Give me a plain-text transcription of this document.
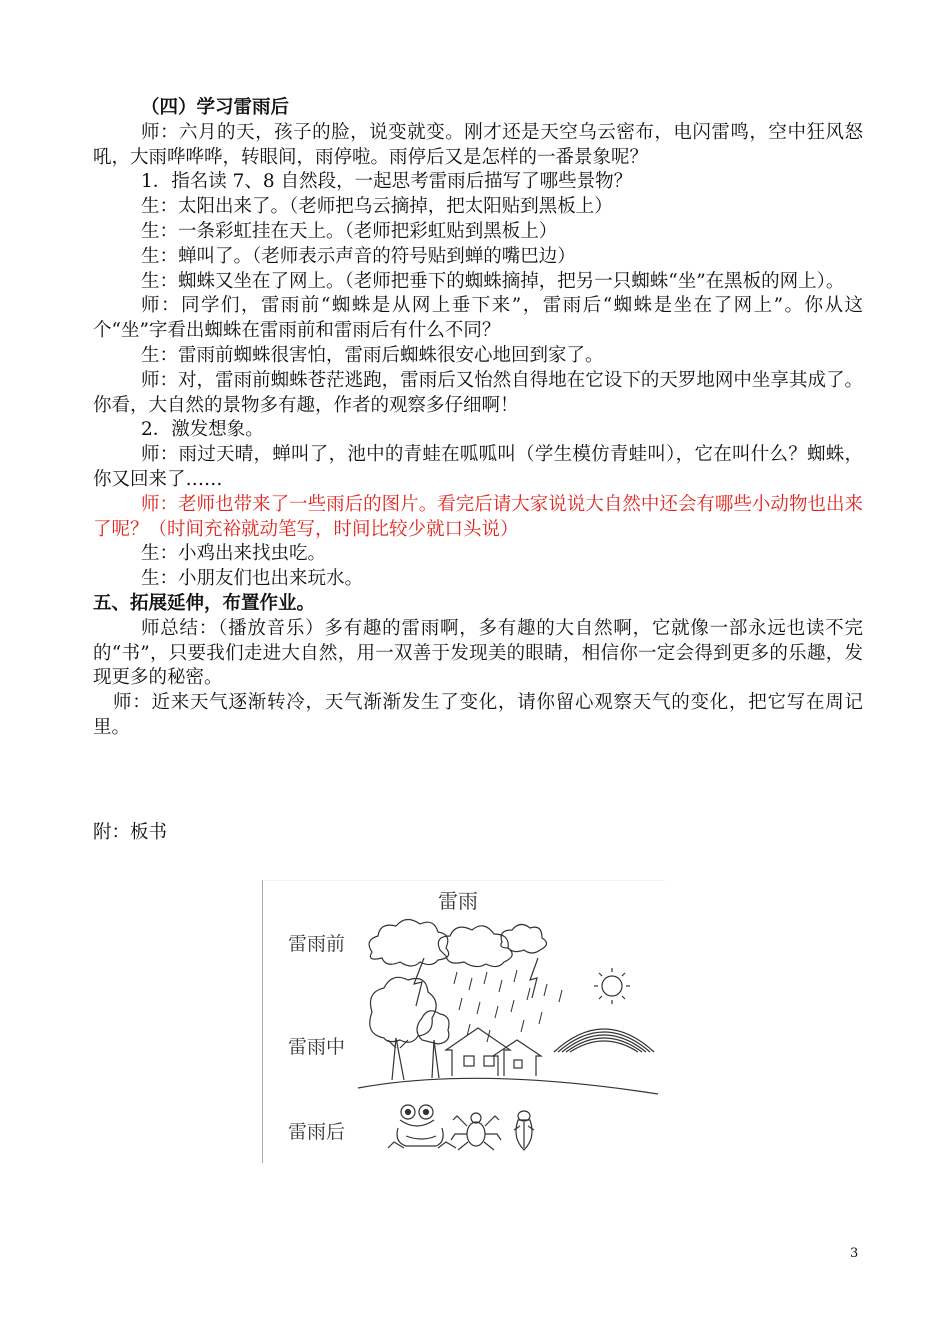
（四）学习雷雨后

师：六月的天，孩子的脸，说变就变。刚才还是天空乌云密布，电闪雷鸣，空中狂风怒吼，大雨哗哗哗，转眼间，雨停啦。雨停后又是怎样的一番景象呢？

1．指名读 7、8 自然段，一起思考雷雨后描写了哪些景物？

生：太阳出来了。（老师把乌云摘掉，把太阳贴到黑板上）

生：一条彩虹挂在天上。（老师把彩虹贴到黑板上）

生：蝉叫了。（老师表示声音的符号贴到蝉的嘴巴边）

生：蜘蛛又坐在了网上。（老师把垂下的蜘蛛摘掉，把另一只蜘蛛“坐”在黑板的网上）。

师：同学们，雷雨前“蜘蛛是从网上垂下来”，雷雨后“蜘蛛是坐在了网上”。你从这个“坐”字看出蜘蛛在雷雨前和雷雨后有什么不同？

生：雷雨前蜘蛛很害怕，雷雨后蜘蛛很安心地回到家了。

师：对，雷雨前蜘蛛苍茫逃跑，雷雨后又怡然自得地在它设下的天罗地网中坐享其成了。你看，大自然的景物多有趣，作者的观察多仔细啊！

2．激发想象。

师：雨过天晴，蝉叫了，池中的青蛙在呱呱叫（学生模仿青蛙叫），它在叫什么？蜘蛛，你又回来了……

师：老师也带来了一些雨后的图片。看完后请大家说说大自然中还会有哪些小动物也出来了呢？（时间充裕就动笔写，时间比较少就口头说）

生：小鸡出来找虫吃。

生：小朋友们也出来玩水。

五、拓展延伸，布置作业。

师总结：（播放音乐）多有趣的雷雨啊，多有趣的大自然啊，它就像一部永远也读不完的“书”，只要我们走进大自然，用一双善于发现美的眼睛，相信你一定会得到更多的乐趣，发现更多的秘密。

师：近来天气逐渐转冷，天气渐渐发生了变化，请你留心观察天气的变化，把它写在周记里。

附：板书
雷雨
雷雨前
雷雨中
雷雨后
3
